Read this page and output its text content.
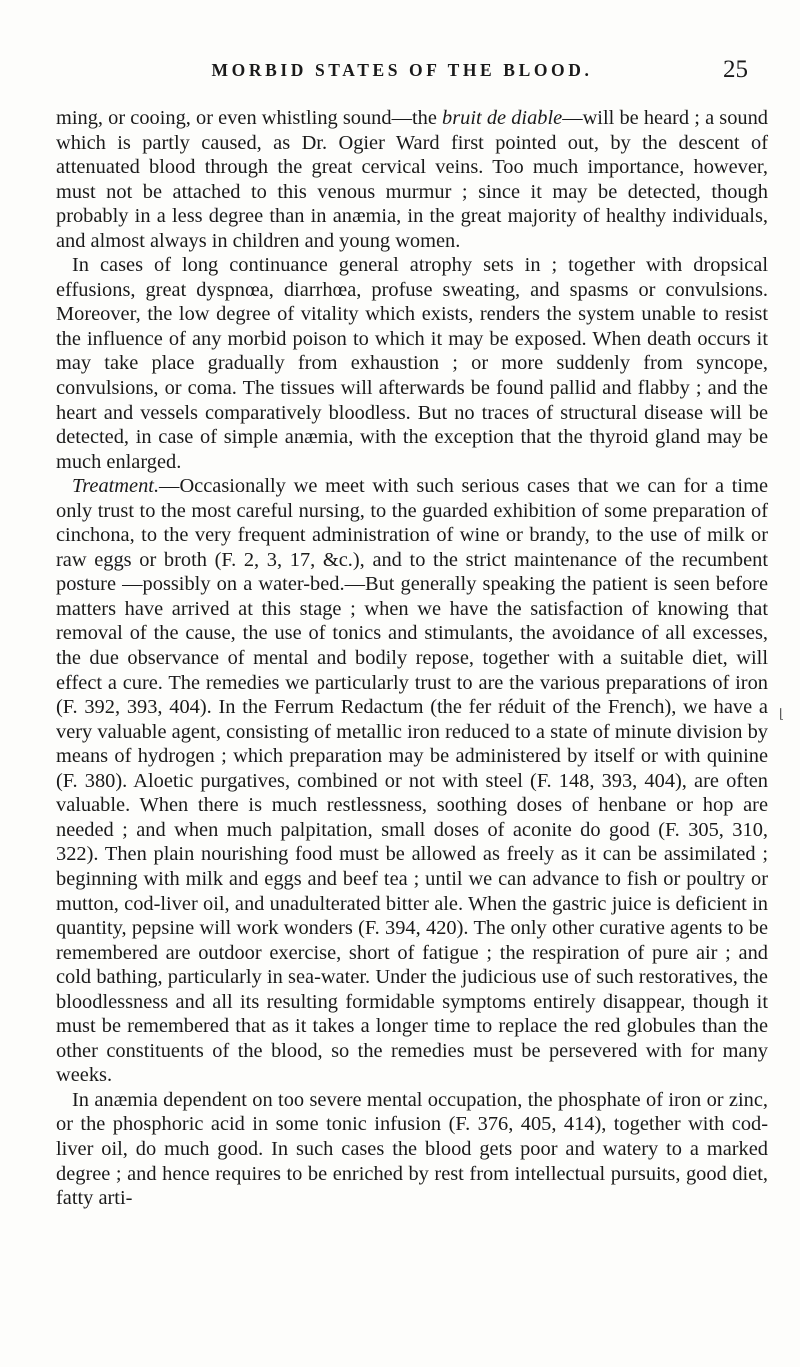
MORBID STATES OF THE BLOOD.	25

ming, or cooing, or even whistling sound—the bruit de diable—will be heard ; a sound which is partly caused, as Dr. Ogier Ward first pointed out, by the descent of attenuated blood through the great cervical veins. Too much importance, however, must not be attached to this venous murmur ; since it may be detected, though probably in a less degree than in anæmia, in the great majority of healthy individuals, and almost always in children and young women.

In cases of long continuance general atrophy sets in ; together with dropsical effusions, great dyspnœa, diarrhœa, profuse sweating, and spasms or convulsions. Moreover, the low degree of vitality which exists, renders the system unable to resist the influence of any morbid poison to which it may be exposed. When death occurs it may take place gradually from exhaustion ; or more suddenly from syncope, convulsions, or coma. The tissues will afterwards be found pallid and flabby ; and the heart and vessels comparatively bloodless. But no traces of structural disease will be detected, in case of simple anæmia, with the exception that the thyroid gland may be much enlarged.

Treatment.—Occasionally we meet with such serious cases that we can for a time only trust to the most careful nursing, to the guarded exhibition of some preparation of cinchona, to the very frequent administration of wine or brandy, to the use of milk or raw eggs or broth (F. 2, 3, 17, &c.), and to the strict maintenance of the recumbent posture —possibly on a water-bed.—But generally speaking the patient is seen before matters have arrived at this stage ; when we have the satisfaction of knowing that removal of the cause, the use of tonics and stimulants, the avoidance of all excesses, the due observance of mental and bodily repose, together with a suitable diet, will effect a cure. The remedies we particularly trust to are the various preparations of iron (F. 392, 393, 404). In the Ferrum Redactum (the fer réduit of the French), we have a very valuable agent, consisting of metallic iron reduced to a state of minute division by means of hydrogen ; which preparation may be administered by itself or with quinine (F. 380). Aloetic purgatives, combined or not with steel (F. 148, 393, 404), are often valuable. When there is much restlessness, soothing doses of henbane or hop are needed ; and when much palpitation, small doses of aconite do good (F. 305, 310, 322). Then plain nourishing food must be allowed as freely as it can be assimilated ; beginning with milk and eggs and beef tea ; until we can advance to fish or poultry or mutton, cod-liver oil, and unadulterated bitter ale. When the gastric juice is deficient in quantity, pepsine will work wonders (F. 394, 420). The only other curative agents to be remembered are outdoor exercise, short of fatigue ; the respiration of pure air ; and cold bathing, particularly in sea-water. Under the judicious use of such restoratives, the bloodlessness and all its resulting formidable symptoms entirely disappear, though it must be remembered that as it takes a longer time to replace the red globules than the other constituents of the blood, so the remedies must be persevered with for many weeks.

In anæmia dependent on too severe mental occupation, the phosphate of iron or zinc, or the phosphoric acid in some tonic infusion (F. 376, 405, 414), together with cod-liver oil, do much good. In such cases the blood gets poor and watery to a marked degree ; and hence requires to be enriched by rest from intellectual pursuits, good diet, fatty arti-

⌊
